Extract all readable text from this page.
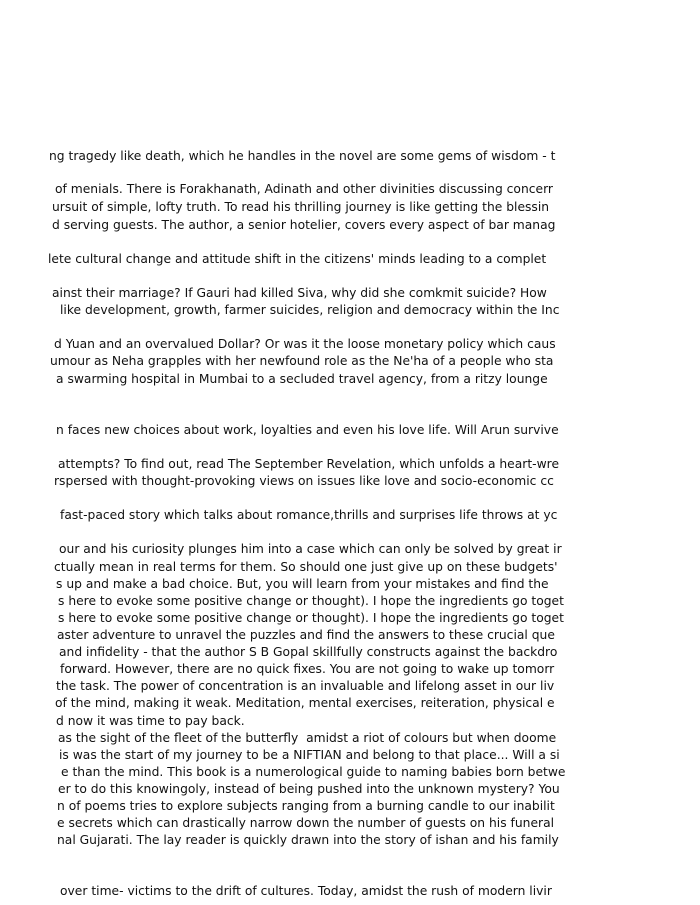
ng tragedy like death, which he handles in the novel are some gems of wisdom - t
of menials. There is Forakhanath, Adinath and other divinities discussing concerr
ursuit of simple, lofty truth. To read his thrilling journey is like getting the blessin
d serving guests. The author, a senior hotelier, covers every aspect of bar manag
lete cultural change and attitude shift in the citizens' minds leading to a complet
ainst their marriage? If Gauri had killed Siva, why did she comkmit suicide? How
like development, growth, farmer suicides, religion and democracy within the Inc
d Yuan and an overvalued Dollar? Or was it the loose monetary policy which caus
umour as Neha grapples with her newfound role as the Ne'ha of a people who sta
a swarming hospital in Mumbai to a secluded travel agency, from a ritzy lounge
n faces new choices about work, loyalties and even his love life. Will Arun survive
attempts? To find out, read The September Revelation, which unfolds a heart-wre
rspersed with thought-provoking views on issues like love and socio-economic cc
fast-paced story which talks about romance,thrills and surprises life throws at yc
our and his curiosity plunges him into a case which can only be solved by great ir
ctually mean in real terms for them. So should one just give up on these budgets'
s up and make a bad choice. But, you will learn from your mistakes and find the
s here to evoke some positive change or thought). I hope the ingredients go toget
s here to evoke some positive change or thought). I hope the ingredients go toget
aster adventure to unravel the puzzles and find the answers to these crucial que
and infidelity - that the author S B Gopal skillfully constructs against the backdro
forward. However, there are no quick fixes. You are not going to wake up tomorr
the task. The power of concentration is an invaluable and lifelong asset in our liv
of the mind, making it weak. Meditation, mental exercises, reiteration, physical e
d now it was time to pay back.
as the sight of the fleet of the butterfly  amidst a riot of colours but when doome
is was the start of my journey to be a NIFTIAN and belong to that place... Will a si
e than the mind. This book is a numerological guide to naming babies born betwe
er to do this knowingoly, instead of being pushed into the unknown mystery? You
n of poems tries to explore subjects ranging from a burning candle to our inabilit
e secrets which can drastically narrow down the number of guests on his funeral
nal Gujarati. The lay reader is quickly drawn into the story of ishan and his family
over time- victims to the drift of cultures. Today, amidst the rush of modern livir
